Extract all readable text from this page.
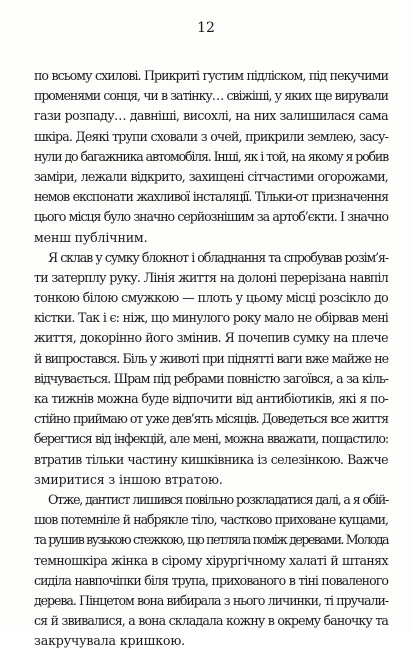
12
по всьому схилові. Прикриті густим підліском, під пекучими
променями сонця, чи в затінку… свіжіші, у яких ще вирували
гази розпаду… давніші, висохлі, на них залишилася сама
шкіра. Деякі трупи сховали з очей, прикрили землею, засу-
нули до багажника автомобіля. Інші, як і той, на якому я робив
заміри, лежали відкрито, захищені сітчастими огорожами,
немов експонати жахливої інсталяції. Тільки-от призначення
цього місця було значно серйознішим за артоб’єкти. І значно
менш публічним.
Я склав у сумку блокнот і обладнання та спробував розім’я-
ти затерплу руку. Лінія життя на долоні перерізана навпіл
тонкою білою смужкою — плоть у цьому місці розсікло до
кістки. Так і є: ніж, що минулого року мало не обірвав мені
життя, докорінно його змінив. Я почепив сумку на плече
й випростався. Біль у животі при піднятті ваги вже майже не
відчувається. Шрам під ребрами повністю загоївся, а за кіль-
ка тижнів можна буде відпочити від антибіотиків, які я по-
стійно приймаю от уже дев’ять місяців. Доведеться все життя
берегтися від інфекцій, але мені, можна вважати, пощастило:
втратив тільки частину кишківника із селезінкою. Важче
змиритися з іншою втратою.
Отже, дантист лишився повільно розкладатися далі, а я обій-
шов потемніле й набрякле тіло, частково приховане кущами,
та рушив вузькою стежкою, що петляла поміж деревами. Молода
темношкіра жінка в сірому хірургічному халаті й штанях
сиділа навпочіпки біля трупа, прихованого в тіні поваленого
дерева. Пінцетом вона вибирала з нього личинки, ті пручали-
ся й звивалися, а вона складала кожну в окрему баночку та
закручувала кришкою.
